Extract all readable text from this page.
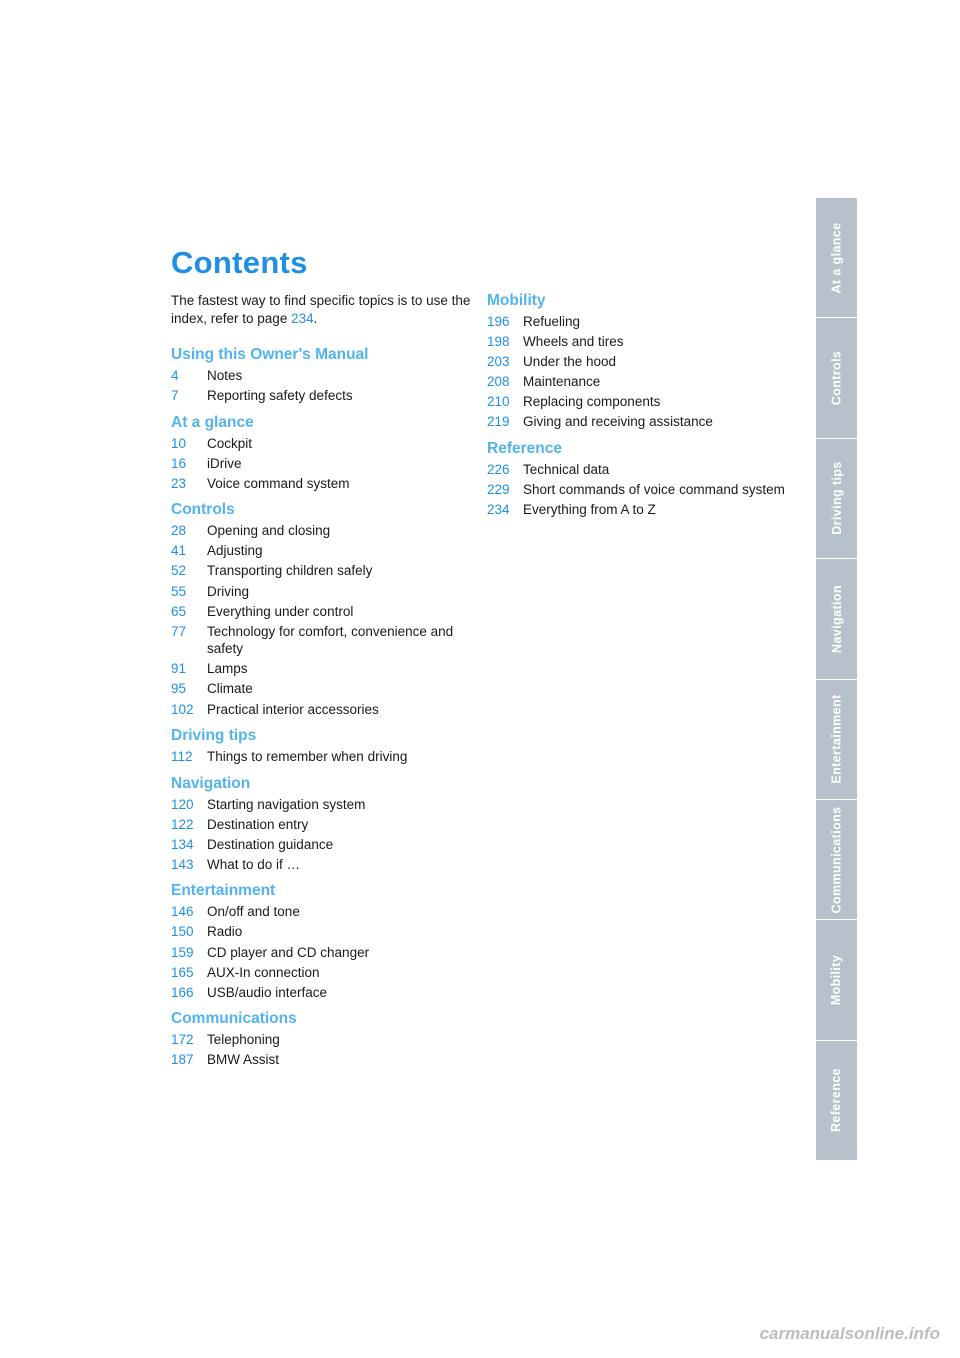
Contents

The fastest way to find specific topics is to use the index, refer to page 234.

Using this Owner's Manual
4	Notes
7	Reporting safety defects
At a glance
10	Cockpit
16	iDrive
23	Voice command system
Controls
28	Opening and closing
41	Adjusting
52	Transporting children safely
55	Driving
65	Everything under control
77	Technology for comfort, convenience and safety
91	Lamps
95	Climate
102 Practical interior accessories
Driving tips
112	Things to remember when driving
Navigation
120 Starting navigation system
122 Destination entry
134 Destination guidance
143 What to do if …
Entertainment
146 On/off and tone
150 Radio
159 CD player and CD changer
165 AUX-In connection
166 USB/audio interface
Communications
172 Telephoning
187 BMW Assist
Mobility
196 Refueling
198 Wheels and tires
203 Under the hood
208 Maintenance
210 Replacing components
219 Giving and receiving assistance
Reference
226 Technical data
229 Short commands of voice command system
234 Everything from A to Z
At a glance
Controls
Driving tips
Navigation
Entertainment
Communications
Mobility
Reference
carmanualsonline.info
